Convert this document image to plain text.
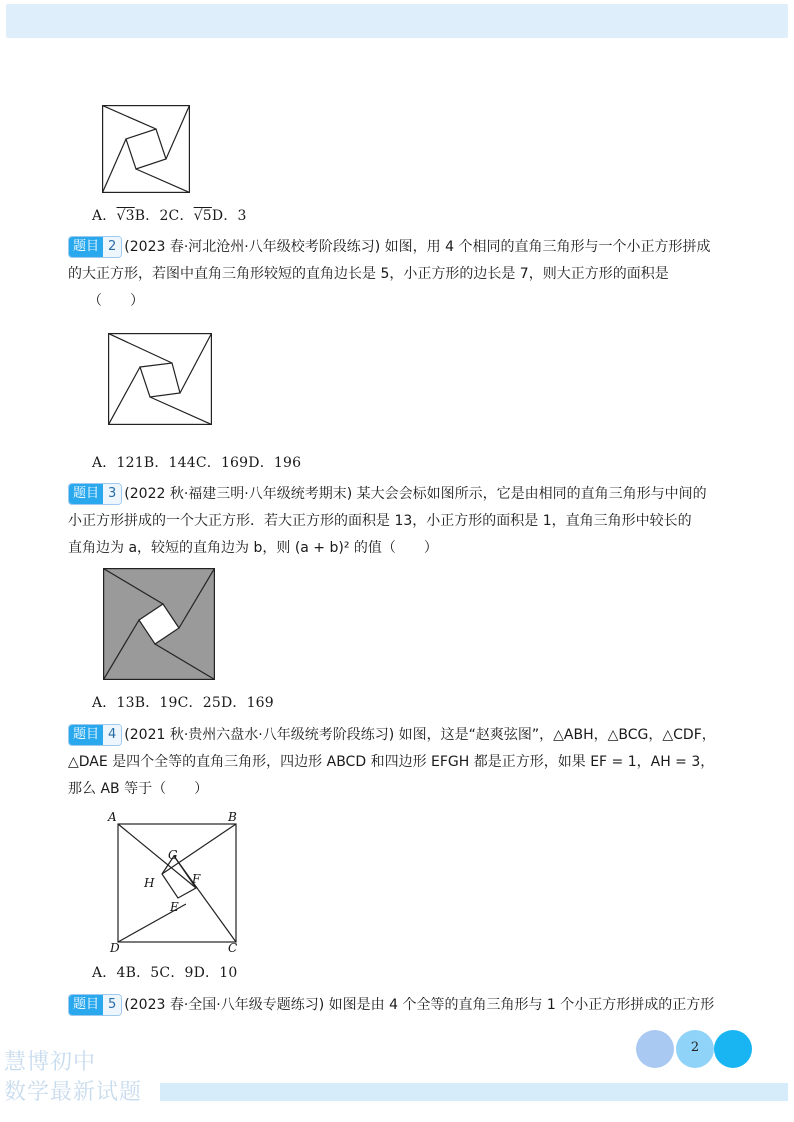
A．√3B．2C．√5D．3
题目 2 (2023 春·河北沧州·八年级校考阶段练习) 如图，用 4 个相同的直角三角形与一个小正方形拼成
的大正方形，若图中直角三角形较短的直角边长是 5，小正方形的边长是 7，则大正方形的面积是
（　　）
A．121B．144C．169D．196
题目 3 (2022 秋·福建三明·八年级统考期末) 某大会会标如图所示，它是由相同的直角三角形与中间的
小正方形拼成的一个大正方形．若大正方形的面积是 13，小正方形的面积是 1，直角三角形中较长的
直角边为 a，较短的直角边为 b，则 (a + b)² 的值（　　）
A．13B．19C．25D．169
题目 4 (2021 秋·贵州六盘水·八年级统考阶段练习) 如图，这是“赵爽弦图”，△ABH，△BCG，△CDF，
△DAE 是四个全等的直角三角形，四边形 ABCD 和四边形 EFGH 都是正方形，如果 EF = 1，AH = 3，
那么 AB 等于（　　）
A	B
C
D
E
F
G
H
A．4B．5C．9D．10
题目 5 (2023 春·全国·八年级专题练习) 如图是由 4 个全等的直角三角形与 1 个小正方形拼成的正方形
2
慧博初中
数学最新试题
